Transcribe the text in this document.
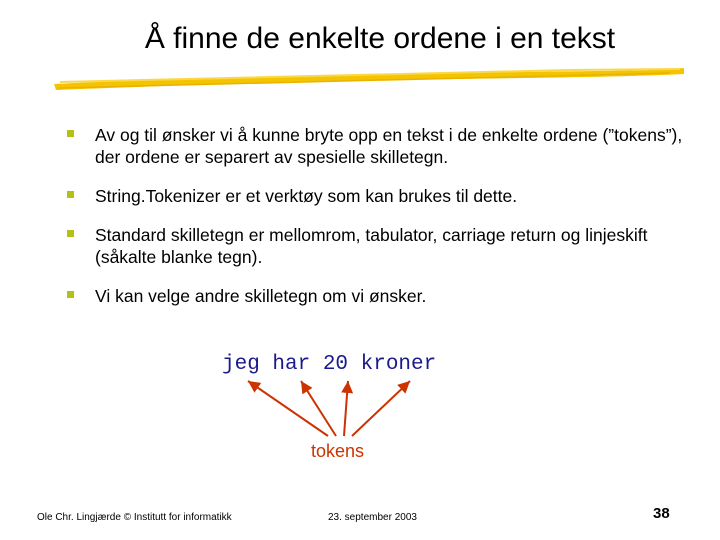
Å finne de enkelte ordene i en tekst
Av og til ønsker vi å kunne bryte opp en tekst i de enkelte ordene (”tokens”), der ordene er separert av spesielle skilletegn.
String.Tokenizer er et verktøy som kan brukes til dette.
Standard skilletegn er mellomrom, tabulator, carriage return og linjeskift (såkalte blanke tegn).
Vi kan velge andre skilletegn om vi ønsker.
jeg har 20 kroner
tokens
Ole Chr. Lingjærde © Institutt for informatikk	23. september 2003	38
